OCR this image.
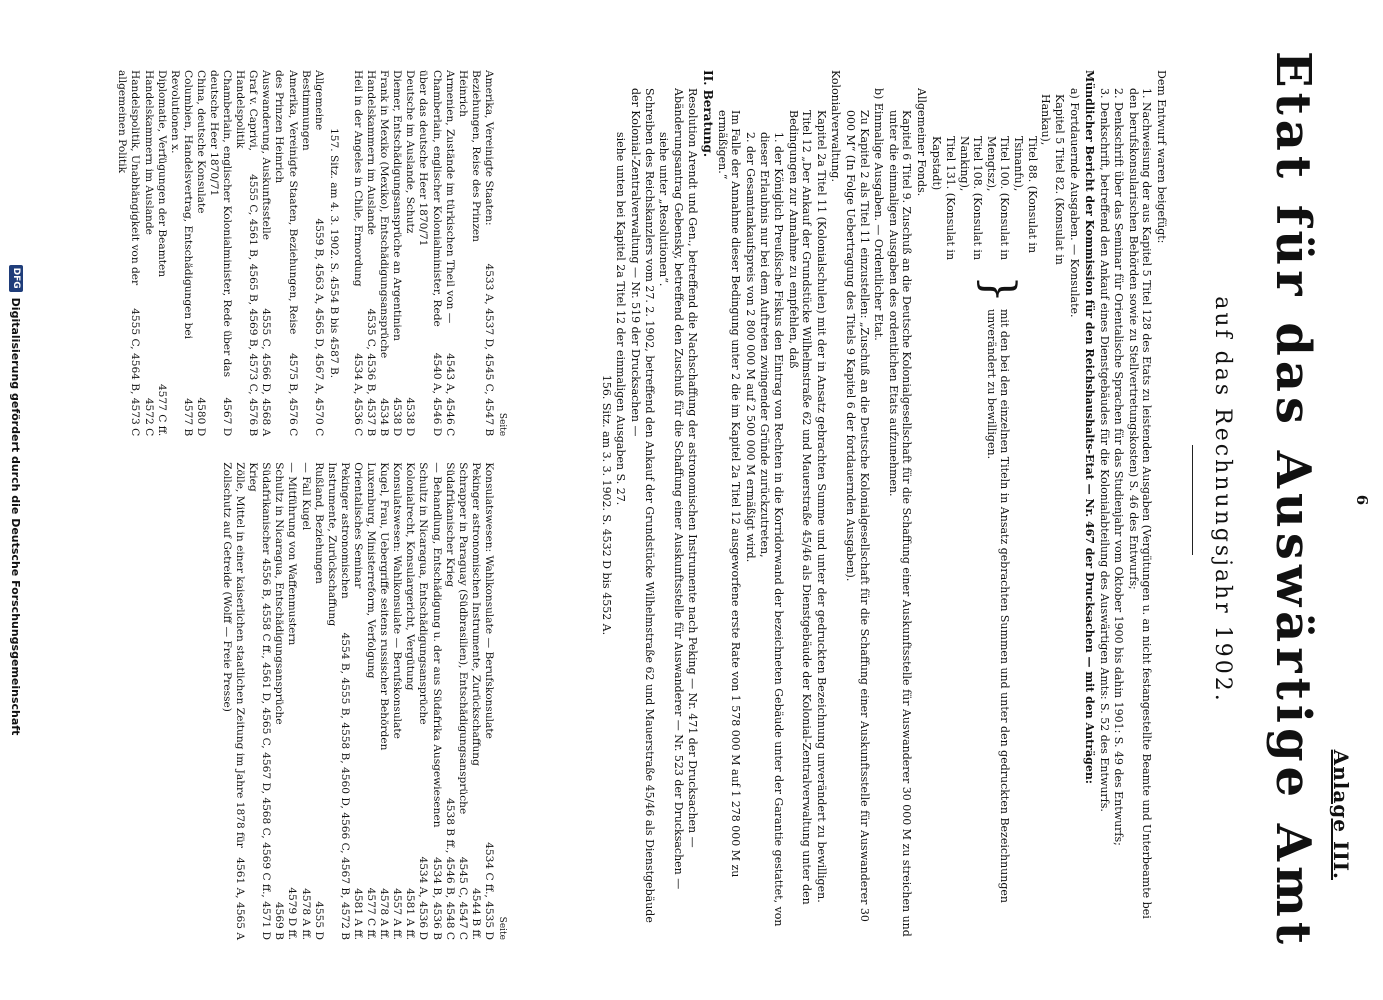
6
Anlage III.
Etat für das Auswärtige Amt
auf das Rechnungsjahr 1902.

Dem Entwurf waren beigefügt:

1. Nachweisung der aus Kapitel 5 Titel 128 des Etats zu leistenden Ausgaben (Vergütungen u. an nicht festangestellte Beamte und Unterbeamte bei den berufskonsularischen Behörden sowie zu Stellvertretungskosten) S. 46 des Entwurfs;

2. Denkschrift über das Seminar für Orientalische Sprachen für das Studienjahr vom Oktober 1900 bis dahin 1901: S. 49 des Entwurfs;

3. Denkschrift, betreffend den Ankauf eines Dienstgebäudes für die Kolonialabteilung des Auswärtigen Amts: S. 52 des Entwurfs.

Mündlicher Bericht der Kommission für den Reichshaushalts-Etat — Nr. 467 der Drucksachen — mit den Anträgen:

a) Fortdauernde Ausgaben. — Konsulate.

Kapitel 5 Titel 82. (Konsulat in Hankau),
Titel 88. (Konsulat in Tsinanfu),
Titel 100. (Konsulat in Mengtsz),
Titel 108. (Konsulat in Nanking),
Titel 131. (Konsulat in Kapstadt)
}
mit den bei den einzelnen Titeln in Ansatz gebrachten Summen und unter den gedruckten Bezeichnungen unverändert zu bewilligen.

Allgemeiner Fonds.

Kapitel 6 Titel 9. Zuschuß an die Deutsche Kolonialgesellschaft für die Schaffung einer Auskunftsstelle für Auswanderer 30 000 M zu streichen und unter die einmaligen Ausgaben des ordentlichen Etats aufzunehmen.

b) Einmalige Ausgaben. — Ordentlicher Etat.

Zu Kapitel 2 als Titel 11 einzustellen: „Zuschuß an die Deutsche Kolonialgesellschaft für die Schaffung einer Auskunftsstelle für Auswanderer 30 000 M“ (In Folge Uebertragung des Titels 9 Kapitel 6 der fortdauernden Ausgaben).

Kolonialverwaltung.

Kapitel 2a Titel 11 (Kolonialschulen) mit der in Ansatz gebrachten Summe und unter der gedruckten Bezeichnung unverändert zu bewilligen.

Titel 12 „Der Ankauf der Grundstücke Wilhelmstraße 62 und Mauerstraße 45/46 als Dienstgebäude der Kolonial-Zentralverwaltung unter den Bedingungen zur Annahme zu empfehlen, daß

1. der Königlich Preußische Fiskus den Eintrag von Rechten in die Korridorwand der bezeichneten Gebäude unter der Garantie gestattet, von dieser Erlaubnis nur bei dem Auftreten zwingender Gründe zurückzutreten,

2. der Gesamtankaufspreis von 2 800 000 M auf 2 500 000 M ermäßigt wird.

Im Falle der Annahme dieser Bedingung unter 2 die im Kapitel 2a Titel 12 ausgeworfene erste Rate von 1 578 000 M auf 1 278 000 M zu ermäßigen.“

II. Beratung.

Resolution Arendt und Gen., betreffend die Nachschaffung der astronomischen Instrumente nach Peking — Nr. 471 der Drucksachen —

Abänderungsantrag Gebensky, betreffend den Zuschuß für die Schaffung einer Auskunftsstelle für Auswanderer — Nr. 523 der Drucksachen —

siehe unter „Resolutionen“.

Schreiben des Reichskanzlers vom 27. 2. 1902, betreffend den Ankauf der Grundstücke Wilhelmstraße 62 und Mauerstraße 45/46 als Dienstgebäude der Kolonial-Zentralverwaltung — Nr. 519 der Drucksachen —

siehe unten bei Kapitel 2a Titel 12 der einmaligen Ausgaben S. 27.

156. Sitz. am 3. 3. 1902. S. 4532 D bis 4552 A.

Seite
Amerika, Vereinigte Staaten: Beziehungen, Reise des Prinzen Heinrich
4533 A, 4537 D, 4545 C, 4547 B
Armenien, Zustände im türkischen Theil von —
4543 A, 4546 C
Chamberlain, englischer Kolonialminister, Rede über das deutsche Heer 1870/71
4540 A, 4546 D
Deutsche im Auslande, Schutz
4538 D
Diemer, Entschädigungsansprüche an Argentinien
4538 D
Frank in Mexiko (Mexiko), Entschädigungsansprüche
4534 B
Handelskammern im Auslande
4535 C, 4536 B, 4537 B
Heil in der Angeles in Chile, Ermordung
4534 A, 4536 C
157. Sitz. am 4. 3. 1902. S. 4554 B bis 4587 B.
Allgemeine Bestimmungen
4559 B, 4563 A, 4565 D, 4567 A, 4570 C
Amerika, Vereinigte Staaten, Beziehungen, Reise des Prinzen Heinrich
4575 B, 4576 C
Auswanderung, Auskunftsstelle
4555 C, 4566 D, 4568 A
Graf v. Caprivi, Handelspolitik
4555 C, 4561 B, 4565 B, 4569 B, 4573 C, 4576 B
Chamberlain, englischer Kolonialminister, Rede über das deutsche Heer 1870/71
4567 D
China, deutsche Konsulate
4580 D
Columbien, Handelsvertrag, Entschädigungen bei Revolutionen x.
4577 B
Diplomatie, Verfügungen der Beamten
4577 C ff.
Handelskammern im Auslande
4572 C
Handelspolitik, Unabhängigkeit von der allgemeinen Politik
4555 C, 4564 B, 4573 C
Seite
Konsulatswesen: Wahlkonsulate — Berufskonsulate
4534 C ff., 4535 D
Pekinger astronomischen Instrumente, Zurückschaffung
4544 B ff.
Schrapper in Paraguay (Südbrasilien), Entschädigungsansprüche
4545 C, 4547 C
Südafrikanischer Krieg
4538 B ff., 4546 B, 4548 C
— Behandlung, Entschädigung u. der aus Südafrika Ausgewiesenen
4534 B, 4536 B
Schultz in Nicaragua, Entschädigungsansprüche
4534 A, 4536 D
Kolonialrecht, Konsulargericht, Vergütung
4581 A ff.
Konsulatswesen: Wahlkonsulate — Berufskonsulate
4557 A ff.
Kugel, Frau, Uebergriffe seitens russischer Behörden
4578 A ff.
Luxemburg, Ministerreform, Verfolgung
4577 C ff.
Orientalisches Seminar
4581 A ff.
Pekinger astronomischen Instrumente, Zurückschaffung
4554 B, 4555 B, 4558 B, 4560 D, 4566 C, 4567 B, 4572 B
Rußland, Beziehungen
4555 D
— Fall Kugel
4578 A ff.
— Mitführung von Waffenmustern
4579 D ff.
Schultz in Nicaragua, Entschädigungsansprüche
4569 B
Südafrikanischer Krieg
4556 B, 4558 C ff., 4561 D, 4565 C, 4567 D, 4568 C, 4569 C ff., 4571 D
Zölle, Mittel in einer kaiserlichen staatlichen Zeitung im Jahre 1878 für Zollschutz auf Getreide (Wolff — Freie Presse)
4561 A, 4565 A
DFG
Digitalisierung gefördert durch die Deutsche Forschungsgemeinschaft
